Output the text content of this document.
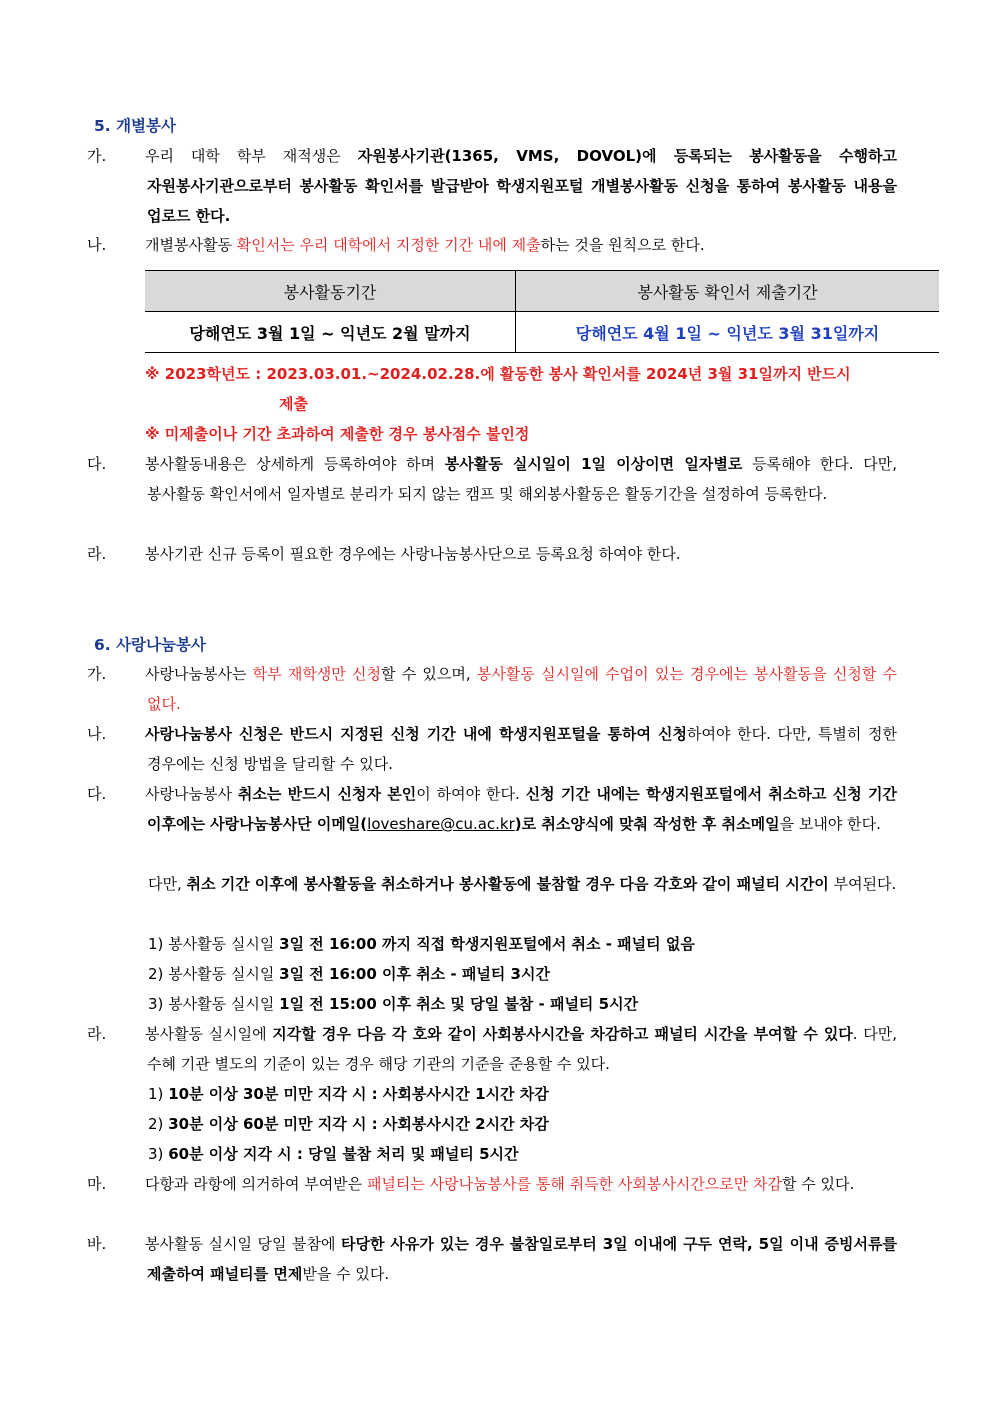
5. 개별봉사
가.	우리 대학 학부 재적생은 자원봉사기관(1365, VMS, DOVOL)에 등록되는 봉사활동을 수행하고 자원봉사기관으로부터 봉사활동 확인서를 발급받아 학생지원포털 개별봉사활동 신청을 통하여 봉사활동 내용을 업로드 한다.
나.	개별봉사활동 확인서는 우리 대학에서 지정한 기간 내에 제출하는 것을 원칙으로 한다.
봉사활동기간	봉사활동 확인서 제출기간
당해연도 3월 1일 ~ 익년도 2월 말까지	당해연도 4월 1일 ~ 익년도 3월 31일까지
※ 2023학년도 : 2023.03.01.~2024.02.28.에 활동한 봉사 확인서를 2024년 3월 31일까지 반드시
제출
※ 미제출이나 기간 초과하여 제출한 경우 봉사점수 불인정
다.	봉사활동내용은 상세하게 등록하여야 하며 봉사활동 실시일이 1일 이상이면 일자별로 등록해야 한다. 다만, 봉사활동 확인서에서 일자별로 분리가 되지 않는 캠프 및 해외봉사활동은 활동기간을 설정하여 등록한다.
라.	봉사기관 신규 등록이 필요한 경우에는 사랑나눔봉사단으로 등록요청 하여야 한다.
6. 사랑나눔봉사
가.	사랑나눔봉사는 학부 재학생만 신청할 수 있으며, 봉사활동 실시일에 수업이 있는 경우에는 봉사활동을 신청할 수 없다.
나.	사랑나눔봉사 신청은 반드시 지정된 신청 기간 내에 학생지원포털을 통하여 신청하여야 한다. 다만, 특별히 정한 경우에는 신청 방법을 달리할 수 있다.
다.	사랑나눔봉사 취소는 반드시 신청자 본인이 하여야 한다. 신청 기간 내에는 학생지원포털에서 취소하고 신청 기간 이후에는 사랑나눔봉사단 이메일(loveshare@cu.ac.kr)로 취소양식에 맞춰 작성한 후 취소메일을 보내야 한다.
다만, 취소 기간 이후에 봉사활동을 취소하거나 봉사활동에 불참할 경우 다음 각호와 같이 패널티 시간이 부여된다.
1) 봉사활동 실시일 3일 전 16:00 까지 직접 학생지원포털에서 취소 - 패널티 없음
2) 봉사활동 실시일 3일 전 16:00 이후 취소 - 패널티 3시간
3) 봉사활동 실시일 1일 전 15:00 이후 취소 및 당일 불참 - 패널티 5시간
라.	봉사활동 실시일에 지각할 경우 다음 각 호와 같이 사회봉사시간을 차감하고 패널티 시간을 부여할 수 있다. 다만, 수혜 기관 별도의 기준이 있는 경우 해당 기관의 기준을 준용할 수 있다.
1) 10분 이상 30분 미만 지각 시 : 사회봉사시간 1시간 차감
2) 30분 이상 60분 미만 지각 시 : 사회봉사시간 2시간 차감
3) 60분 이상 지각 시 : 당일 불참 처리 및 패널티 5시간
마.	다항과 라항에 의거하여 부여받은 패널티는 사랑나눔봉사를 통해 취득한 사회봉사시간으로만 차감할 수 있다.
바.	봉사활동 실시일 당일 불참에 타당한 사유가 있는 경우 불참일로부터 3일 이내에 구두 연락, 5일 이내 증빙서류를 제출하여 패널티를 면제받을 수 있다.
